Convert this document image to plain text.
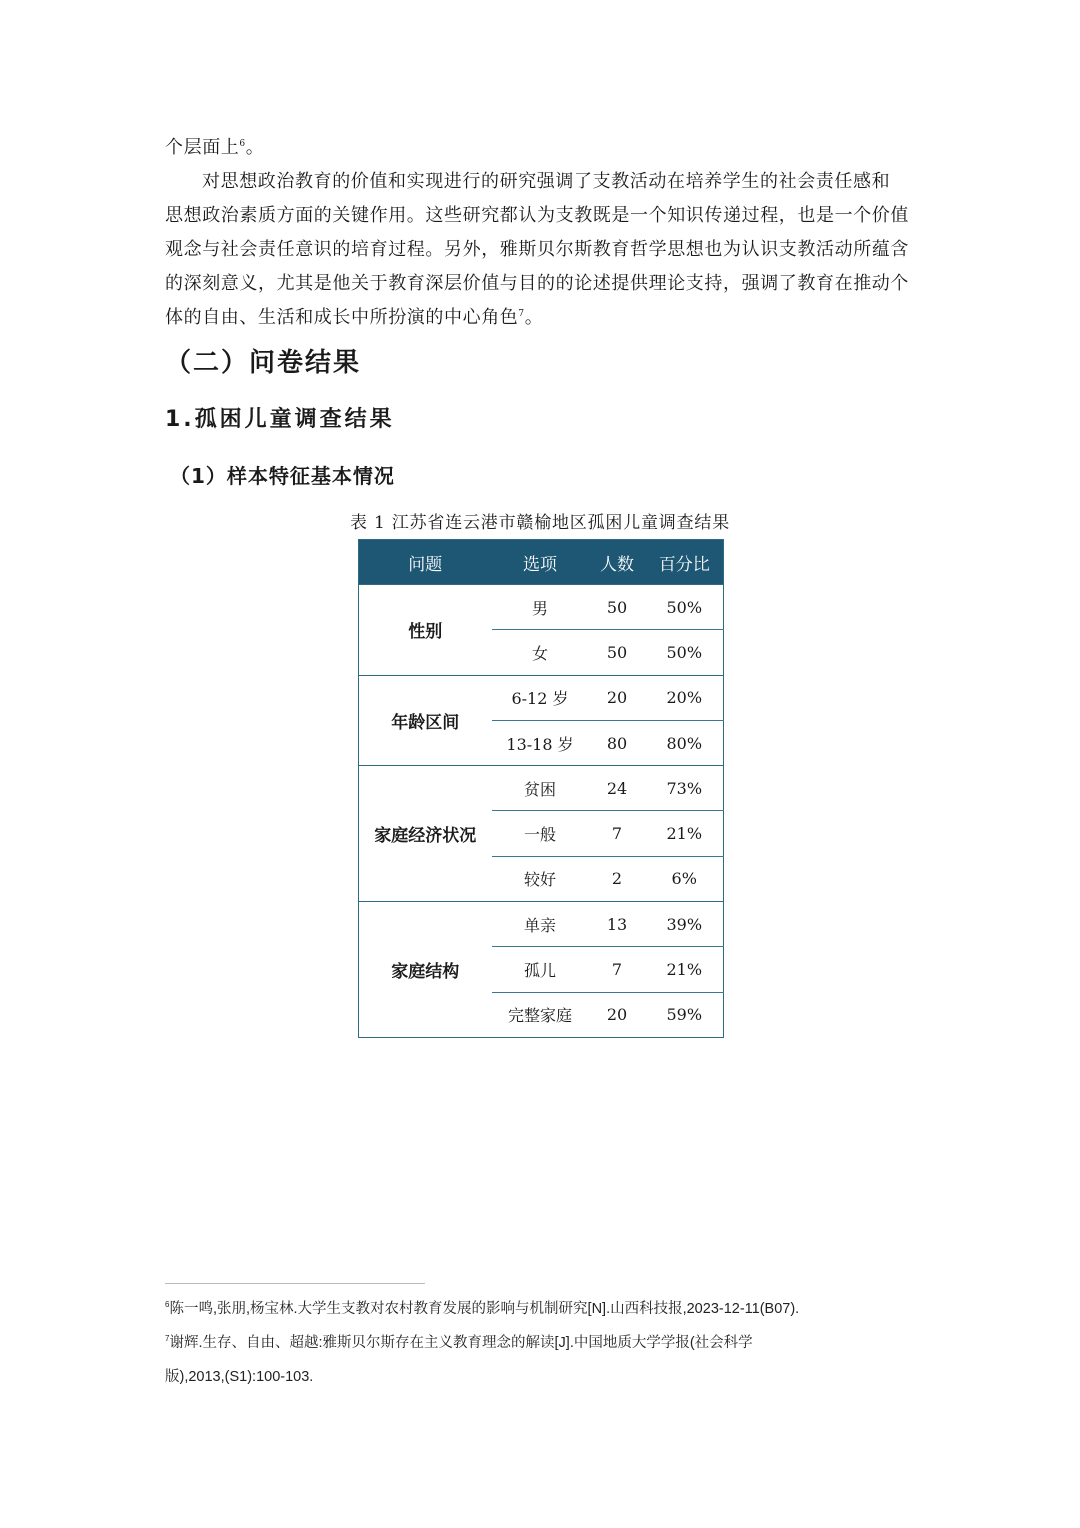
个层面上$^6$。
对思想政治教育的价值和实现进行的研究强调了支教活动在培养学生的社会责任感和
思想政治素质方面的关键作用。这些研究都认为支教既是一个知识传递过程，也是一个价值
观念与社会责任意识的培育过程。另外，雅斯贝尔斯教育哲学思想也为认识支教活动所蕴含
的深刻意义，尤其是他关于教育深层价值与目的的论述提供理论支持，强调了教育在推动个
体的自由、生活和成长中所扮演的中心角色$^7$。
（二）问卷结果
1.孤困儿童调查结果
（1）样本特征基本情况
表 1 江苏省连云港市赣榆地区孤困儿童调查结果
问题	选项	人数	百分比
性别	男	50	50%
	女	50	50%
年龄区间	6-12 岁	20	20%
	13-18 岁	80	80%
家庭经济状况	贫困	24	73%
	一般	7	21%
	较好	2	6%
家庭结构	单亲	13	39%
	孤儿	7	21%
	完整家庭	20	59%
$^6$陈一鸣,张朋,杨宝林.大学生支教对农村教育发展的影响与机制研究[N].山西科技报,2023-12-11(B07).
$^7$谢辉.生存、自由、超越:雅斯贝尔斯存在主义教育理念的解读[J].中国地质大学学报(社会科学
版),2013,(S1):100-103.
